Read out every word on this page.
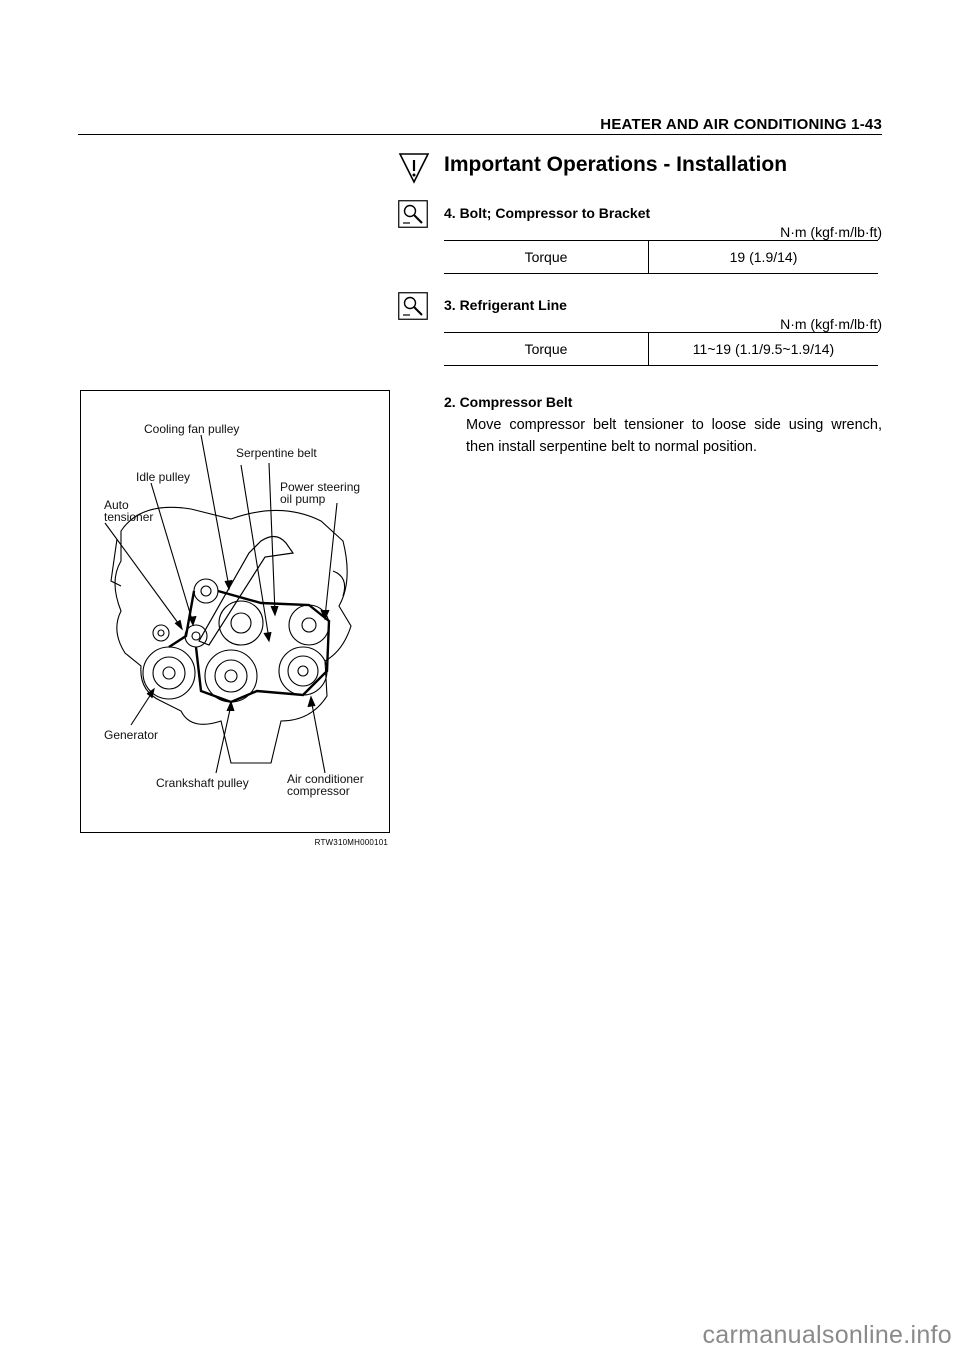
HEATER AND AIR CONDITIONING 1-43
Important Operations - Installation
4. Bolt; Compressor to Bracket
N·m (kgf·m/lb·ft)
Torque	19 (1.9/14)
3. Refrigerant Line
N·m (kgf·m/lb·ft)
Torque	11~19 (1.1/9.5~1.9/14)
2. Compressor Belt
Move compressor belt tensioner to loose side using wrench, then install serpentine belt to normal position.
Cooling fan pulley
Serpentine belt
Idle pulley
Power steering
oil pump
Auto
tensioner
Generator
Crankshaft pulley	Air conditioner
compressor
RTW310MH000101
carmanualsonline.info
